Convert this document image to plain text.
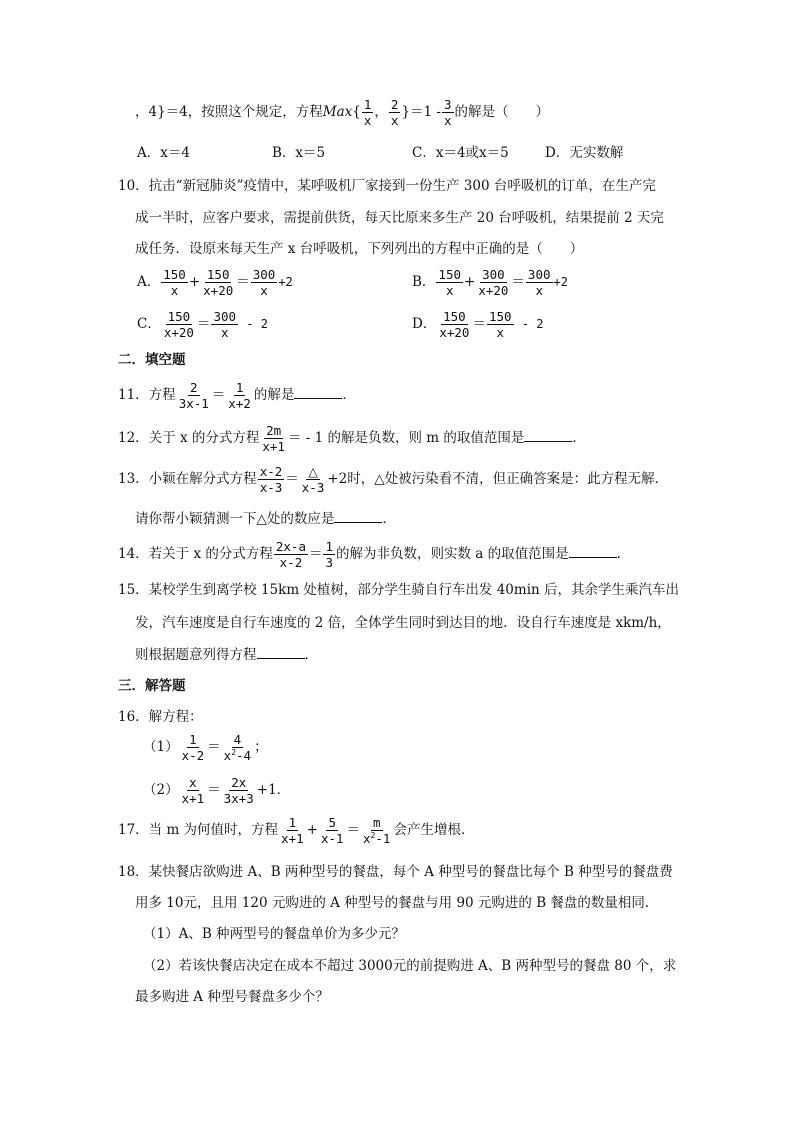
，4}＝4，按照这个规定，方程$Max\{ \frac{1}{x}$ ， $\frac{2}{x} \}=1 - \frac{3}{x}$ 的解是（　　）
A．x＝4	B．x＝5	C．x＝4或x＝5	D．无实数解
10．抗击“新冠肺炎”疫情中，某呼吸机厂家接到一份生产 300 台呼吸机的订单，在生产完
成一半时，应客户要求，需提前供货，每天比原来多生产 20 台呼吸机，结果提前 2 天完
成任务．设原来每天生产 x 台呼吸机，下列列出的方程中正确的是（　　）
A． $\frac{150}{x} + \frac{150}{x+20} = \frac{300}{x} +2$	B． $\frac{150}{x} + \frac{300}{x+20} = \frac{300}{x} +2$
C． $\frac{150}{x+20} = \frac{300}{x} - 2$	D． $\frac{150}{x+20} = \frac{150}{x} - 2$
二．填空题
11．方程 $\frac{2}{3x-1} = \frac{1}{x+2}$ 的解是	．
12．关于 x 的分式方程 $\frac{2m}{x+1}$ ＝ - 1 的解是负数，则 m 的取值范围是	．
13．小颖在解分式方程 $\frac{x-2}{x-3} = \frac{\triangle}{x-3} +2$时，△处被污染看不清，但正确答案是：此方程无解．
请你帮小颖猜测一下△处的数应是	．
14．若关于 x 的分式方程 $\frac{2x-a}{x-2} = \frac{1}{3}$ 的解为非负数，则实数 a 的取值范围是	．
15．某校学生到离学校 15km 处植树，部分学生骑自行车出发 40min 后，其余学生乘汽车出
发，汽车速度是自行车速度的 2 倍，全体学生同时到达目的地．设自行车速度是 xkm/h，
则根据题意列得方程	．
三．解答题
16．解方程：
$(1) \frac{1}{x-2} = \frac{4}{x^2-4}$ ；
$(2) \frac{x}{x+1} = \frac{2x}{3x+3} +1$．
17．当 m 为何值时，方程 $\frac{1}{x+1} + \frac{5}{x-1} = \frac{m}{x^2-1}$ 会产生增根．
18．某快餐店欲购进 A、B 两种型号的餐盘，每个 A 种型号的餐盘比每个 B 种型号的餐盘费
用多 10元，且用 120 元购进的 A 种型号的餐盘与用 90 元购进的 B 餐盘的数量相同．
（1）A、B 种两型号的餐盘单价为多少元？
（2）若该快餐店决定在成本不超过 3000元的前提购进 A、B 两种型号的餐盘 80 个，求
最多购进 A 种型号餐盘多少个？
